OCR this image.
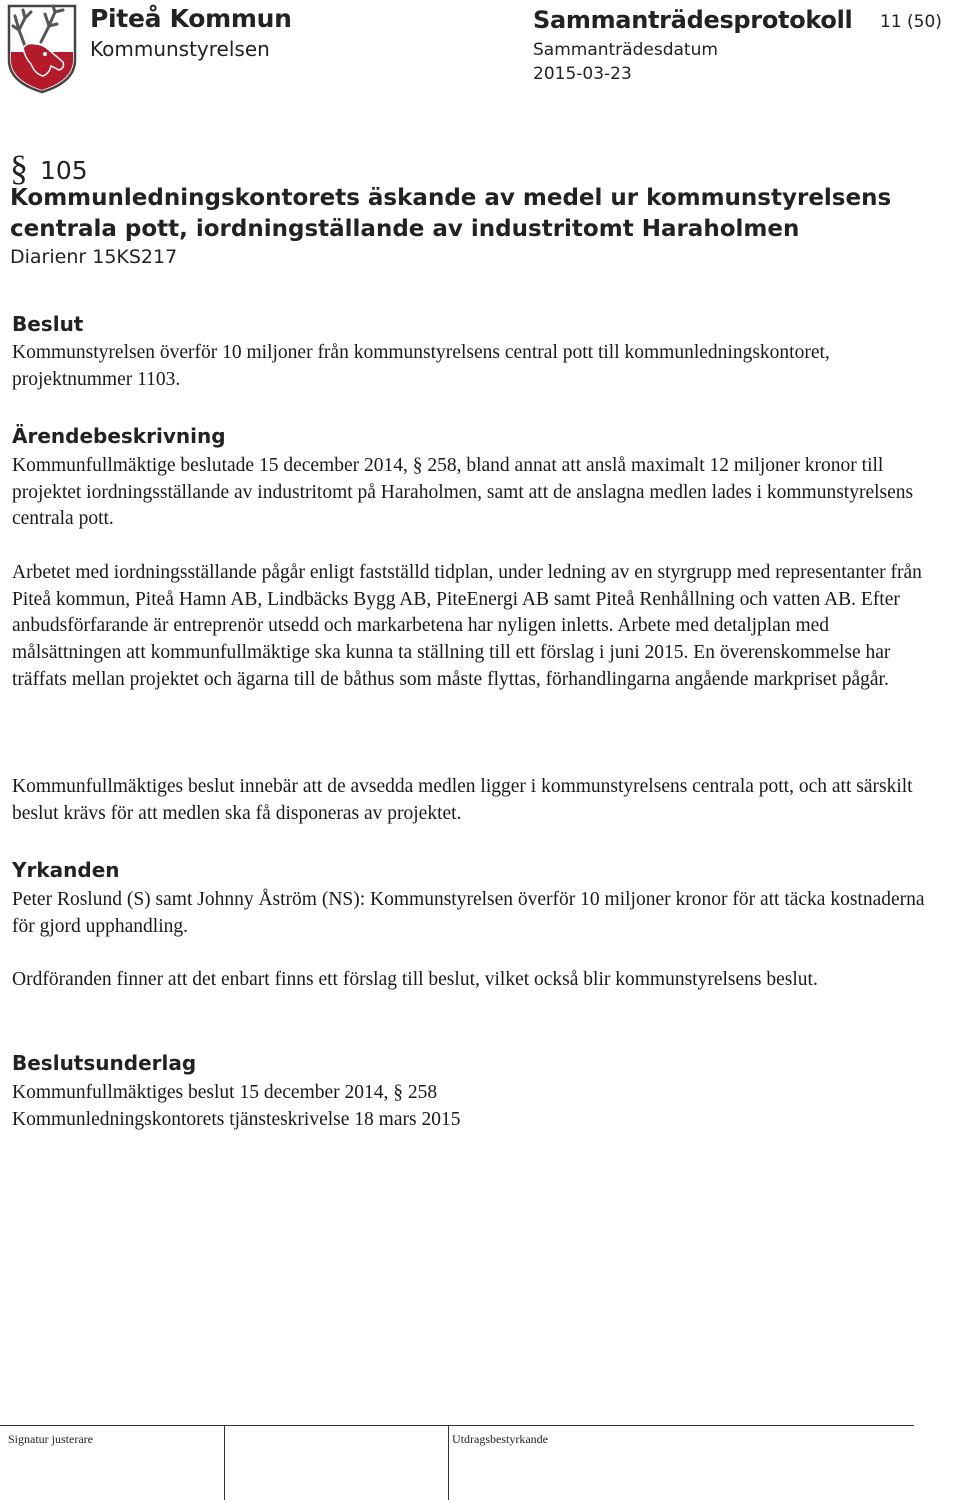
Piteå Kommun
Kommunstyrelsen
Sammanträdesprotokoll
Sammanträdesdatum
2015-03-23
11 (50)
§ 105
Kommunledningskontorets äskande av medel ur kommunstyrelsens centrala pott, iordningställande av industritomt Haraholmen
Diarienr 15KS217
Beslut
Kommunstyrelsen överför 10 miljoner från kommunstyrelsens central pott till kommunledningskontoret, projektnummer 1103.
Ärendebeskrivning
Kommunfullmäktige beslutade 15 december 2014, § 258, bland annat att anslå maximalt 12 miljoner kronor till projektet iordningsställande av industritomt på Haraholmen, samt att de anslagna medlen lades i kommunstyrelsens centrala pott.
Arbetet med iordningsställande pågår enligt fastställd tidplan, under ledning av en styrgrupp med representanter från Piteå kommun, Piteå Hamn AB, Lindbäcks Bygg AB, PiteEnergi AB samt Piteå Renhållning och vatten AB. Efter anbudsförfarande är entreprenör utsedd och markarbetena har nyligen inletts. Arbete med detaljplan med målsättningen att kommunfullmäktige ska kunna ta ställning till ett förslag i juni 2015. En överenskommelse har träffats mellan projektet och ägarna till de båthus som måste flyttas, förhandlingarna angående markpriset pågår.
Kommunfullmäktiges beslut innebär att de avsedda medlen ligger i kommunstyrelsens centrala pott, och att särskilt beslut krävs för att medlen ska få disponeras av projektet.
Yrkanden
Peter Roslund (S) samt Johnny Åström (NS): Kommunstyrelsen överför 10 miljoner kronor för att täcka kostnaderna för gjord upphandling.
Ordföranden finner att det enbart finns ett förslag till beslut, vilket också blir kommunstyrelsens beslut.
Beslutsunderlag
Kommunfullmäktiges beslut 15 december 2014, § 258
Kommunledningskontorets tjänsteskrivelse 18 mars 2015
Signatur justerare	Utdragsbestyrkande
